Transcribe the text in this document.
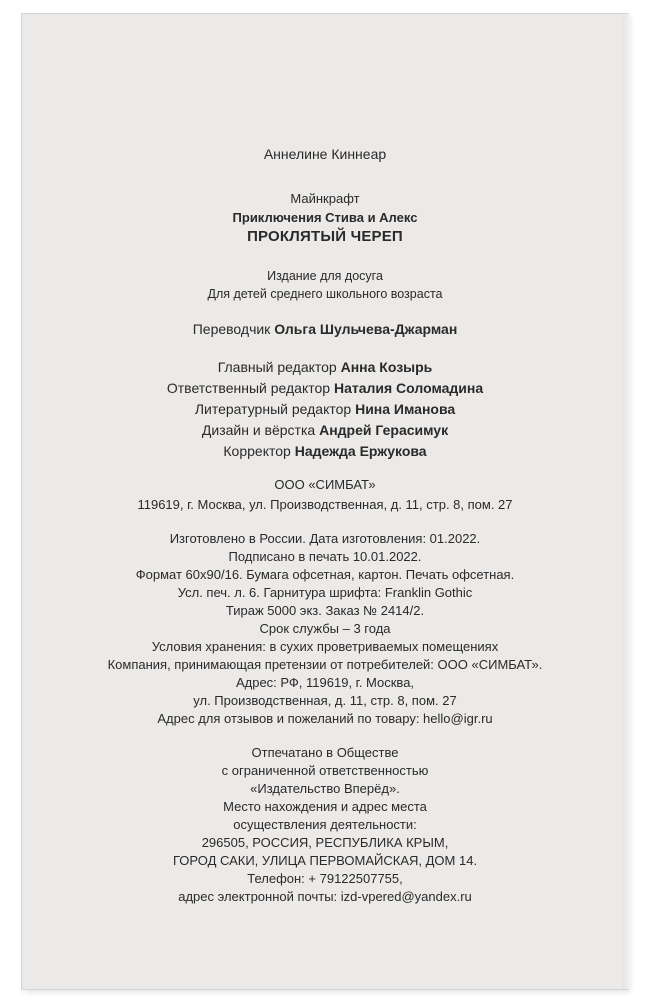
Аннелине Киннеар
Майнкрафт
Приключения Стива и Алекс
ПРОКЛЯТЫЙ ЧЕРЕП
Издание для досуга
Для детей среднего школьного возраста
Переводчик Ольга Шульчева-Джарман
Главный редактор Анна Козырь
Ответственный редактор Наталия Соломадина
Литературный редактор Нина Иманова
Дизайн и вёрстка Андрей Герасимук
Корректор Надежда Ержукова
ООО «СИМБАТ»
119619, г. Москва, ул. Производственная, д. 11, стр. 8, пом. 27
Изготовлено в России. Дата изготовления: 01.2022.
Подписано в печать 10.01.2022.
Формат 60x90/16. Бумага офсетная, картон. Печать офсетная.
Усл. печ. л. 6. Гарнитура шрифта: Franklin Gothic
Тираж 5000 экз. Заказ № 2414/2.
Срок службы – 3 года
Условия хранения: в сухих проветриваемых помещениях
Компания, принимающая претензии от потребителей: ООО «СИМБАТ».
Адрес: РФ, 119619, г. Москва,
ул. Производственная, д. 11, стр. 8, пом. 27
Адрес для отзывов и пожеланий по товару: hello@igr.ru
Отпечатано в Обществе
с ограниченной ответственностью
«Издательство Вперёд».
Место нахождения и адрес места
осуществления деятельности:
296505, РОССИЯ, РЕСПУБЛИКА КРЫМ,
ГОРОД САКИ, УЛИЦА ПЕРВОМАЙСКАЯ, ДОМ 14.
Телефон: + 79122507755,
адрес электронной почты: izd-vpered@yandex.ru
